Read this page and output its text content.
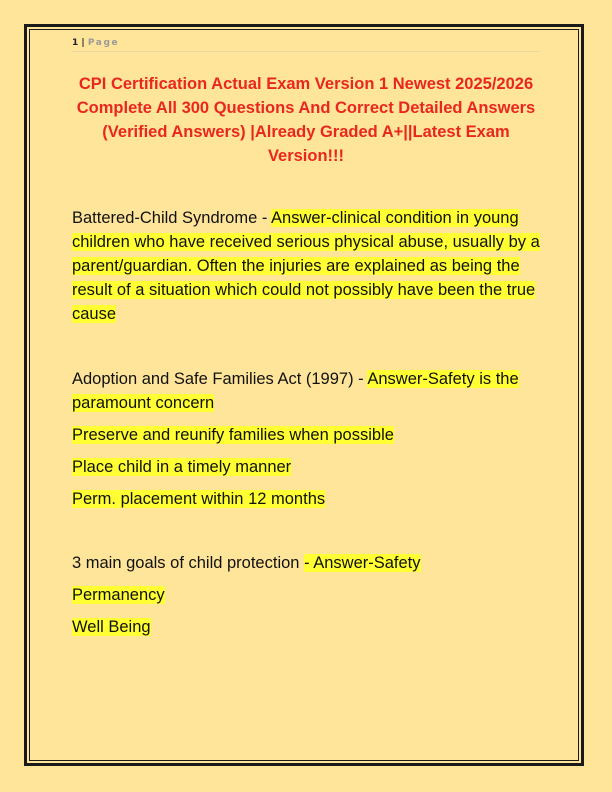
1 | Page
CPI Certification Actual Exam Version 1 Newest 2025/2026 Complete All 300 Questions And Correct Detailed Answers (Verified Answers) |Already Graded A+||Latest Exam Version!!!
Battered-Child Syndrome - Answer-clinical condition in young children who have received serious physical abuse, usually by a parent/guardian. Often the injuries are explained as being the result of a situation which could not possibly have been the true cause
Adoption and Safe Families Act (1997) - Answer-Safety is the paramount concern
Preserve and reunify families when possible
Place child in a timely manner
Perm. placement within 12 months
3 main goals of child protection - Answer-Safety
Permanency
Well Being
